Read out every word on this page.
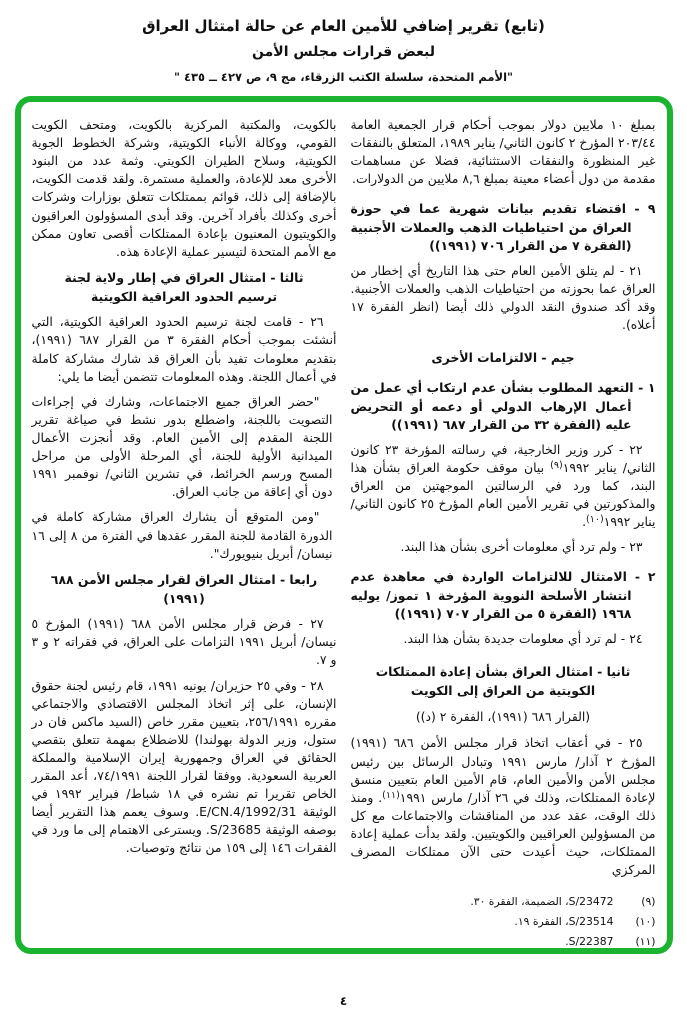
(تابع) تقرير إضافي للأمين العام عن حالة امتثال العراق
لبعض قرارات مجلس الأمن
"الأمم المتحدة، سلسلة الكتب الزرقاء، مج ٩، ص ٤٢٧ ــ ٤٣٥ "

بمبلغ ١٠ ملايين دولار بموجب أحكام قرار الجمعية العامة ٢٠٣/٤٤ المؤرخ ٢ كانون الثاني/ يناير ١٩٨٩، المتعلق بالنفقات غير المنظورة والنفقات الاستثنائية، فضلا عن مساهمات مقدمة من دول أعضاء معينة بمبلغ ٨,٦ ملايين من الدولارات.

٩ - اقتضاء تقديم بيانات شهرية عما في حوزة العراق من احتياطيات الذهب والعملات الأجنبية (الفقرة ٧ من القرار ٧٠٦ (١٩٩١))

٢١ - لم يتلق الأمين العام حتى هذا التاريخ أي إخطار من العراق عما بحوزته من احتياطيات الذهب والعملات الأجنبية. وقد أكد صندوق النقد الدولي ذلك أيضا (انظر الفقرة ١٧ أعلاه).

جيم - الالتزامات الأخرى
١ - التعهد المطلوب بشأن عدم ارتكاب أي عمل من أعمال الإرهاب الدولي أو دعمه أو التحريض عليه (الفقرة ٣٢ من القرار ٦٨٧ (١٩٩١))

٢٢ - كرر وزير الخارجية، في رسالته المؤرخة ٢٣ كانون الثاني/ يناير ١٩٩٢$^{(٩)}$ بيان موقف حكومة العراق بشأن هذا البند، كما ورد في الرسالتين الموجهتين من العراق والمذكورتين في تقرير الأمين العام المؤرخ ٢٥ كانون الثاني/ يناير ١٩٩٢$^{(١٠)}$.

٢٣ - ولم ترد أي معلومات أخرى بشأن هذا البند.

٢ - الامتثال للالتزامات الواردة في معاهدة عدم انتشار الأسلحة النووية المؤرخة ١ تموز/ يوليه ١٩٦٨ (الفقرة ٥ من القرار ٧٠٧ (١٩٩١))

٢٤ - لم ترد أي معلومات جديدة بشأن هذا البند.

ثانيا - امتثال العراق بشأن إعادة الممتلكات الكويتية من العراق إلى الكويت
(القرار ٦٨٦ (١٩٩١)، الفقرة ٢ (د))

٢٥ - في أعقاب اتخاذ قرار مجلس الأمن ٦٨٦ (١٩٩١) المؤرخ ٢ آذار/ مارس ١٩٩١ وتبادل الرسائل بين رئيس مجلس الأمن والأمين العام، قام الأمين العام بتعيين منسق لإعادة الممتلكات، وذلك في ٢٦ آذار/ مارس ١٩٩١$^{(١١)}$. ومنذ ذلك الوقت، عقد عدد من المناقشات والاجتماعات مع كل من المسؤولين العراقيين والكويتيين. ولقد بدأت عملية إعادة الممتلكات، حيث أعيدت حتى الآن ممتلكات المصرف المركزي

(٩)
S/23472، الضميمة، الفقرة ٣٠.
(١٠)
S/23514، الفقرة ١٩.
(١١)
S/22387.

بالكويت، والمكتبة المركزية بالكويت، ومتحف الكويت القومي، ووكالة الأنباء الكويتية، وشركة الخطوط الجوية الكويتية، وسلاح الطيران الكويتي. وثمة عدد من البنود الأخرى معد للإعادة، والعملية مستمرة. ولقد قدمت الكويت، بالإضافة إلى ذلك، قوائم بممتلكات تتعلق بوزارات وشركات أخرى وكذلك بأفراد آخرين. وقد أبدى المسؤولون العراقيون والكويتيون المعنيون بإعادة الممتلكات أقصى تعاون ممكن مع الأمم المتحدة لتيسير عملية الإعادة هذه.

ثالثا - امتثال العراق في إطار ولاية لجنة ترسيم الحدود العراقية الكويتية

٢٦ - قامت لجنة ترسيم الحدود العراقية الكويتية، التي أنشئت بموجب أحكام الفقرة ٣ من القرار ٦٨٧ (١٩٩١)، بتقديم معلومات تفيد بأن العراق قد شارك مشاركة كاملة في أعمال اللجنة. وهذه المعلومات تتضمن أيضا ما يلي:

"حضر العراق جميع الاجتماعات، وشارك في إجراءات التصويت باللجنة، واضطلع بدور نشط في صياغة تقرير اللجنة المقدم إلى الأمين العام. وقد أنجزت الأعمال الميدانية الأولية للجنة، أي المرحلة الأولى من مراحل المسح ورسم الخرائط، في تشرين الثاني/ نوفمبر ١٩٩١ دون أي إعاقة من جانب العراق.

"ومن المتوقع أن يشارك العراق مشاركة كاملة في الدورة القادمة للجنة المقرر عقدها في الفترة من ٨ إلى ١٦ نيسان/ أبريل بنيويورك".

رابعا - امتثال العراق لقرار مجلس الأمن ٦٨٨ (١٩٩١)

٢٧ - فرض قرار مجلس الأمن ٦٨٨ (١٩٩١) المؤرخ ٥ نيسان/ أبريل ١٩٩١ التزامات على العراق، في فقراته ٢ و ٣ و ٧.

٢٨ - وفي ٢٥ حزيران/ يونيه ١٩٩١، قام رئيس لجنة حقوق الإنسان، على إثر اتخاذ المجلس الاقتصادي والاجتماعي مقرره ٢٥٦/١٩٩١، بتعيين مقرر خاص (السيد ماكس فان در ستول، وزير الدولة بهولندا) للاضطلاع بمهمة تتعلق بتقصي الحقائق في العراق وجمهورية إيران الإسلامية والمملكة العربية السعودية. ووفقا لقرار اللجنة ٧٤/١٩٩١، أعد المقرر الخاص تقريرا تم نشره في ١٨ شباط/ فبراير ١٩٩٢ في الوثيقة E/CN.4/1992/31. وسوف يعمم هذا التقرير أيضا بوصفه الوثيقة S/23685. ويسترعى الاهتمام إلى ما ورد في الفقرات ١٤٦ إلى ١٥٩ من نتائج وتوصيات.

٤
